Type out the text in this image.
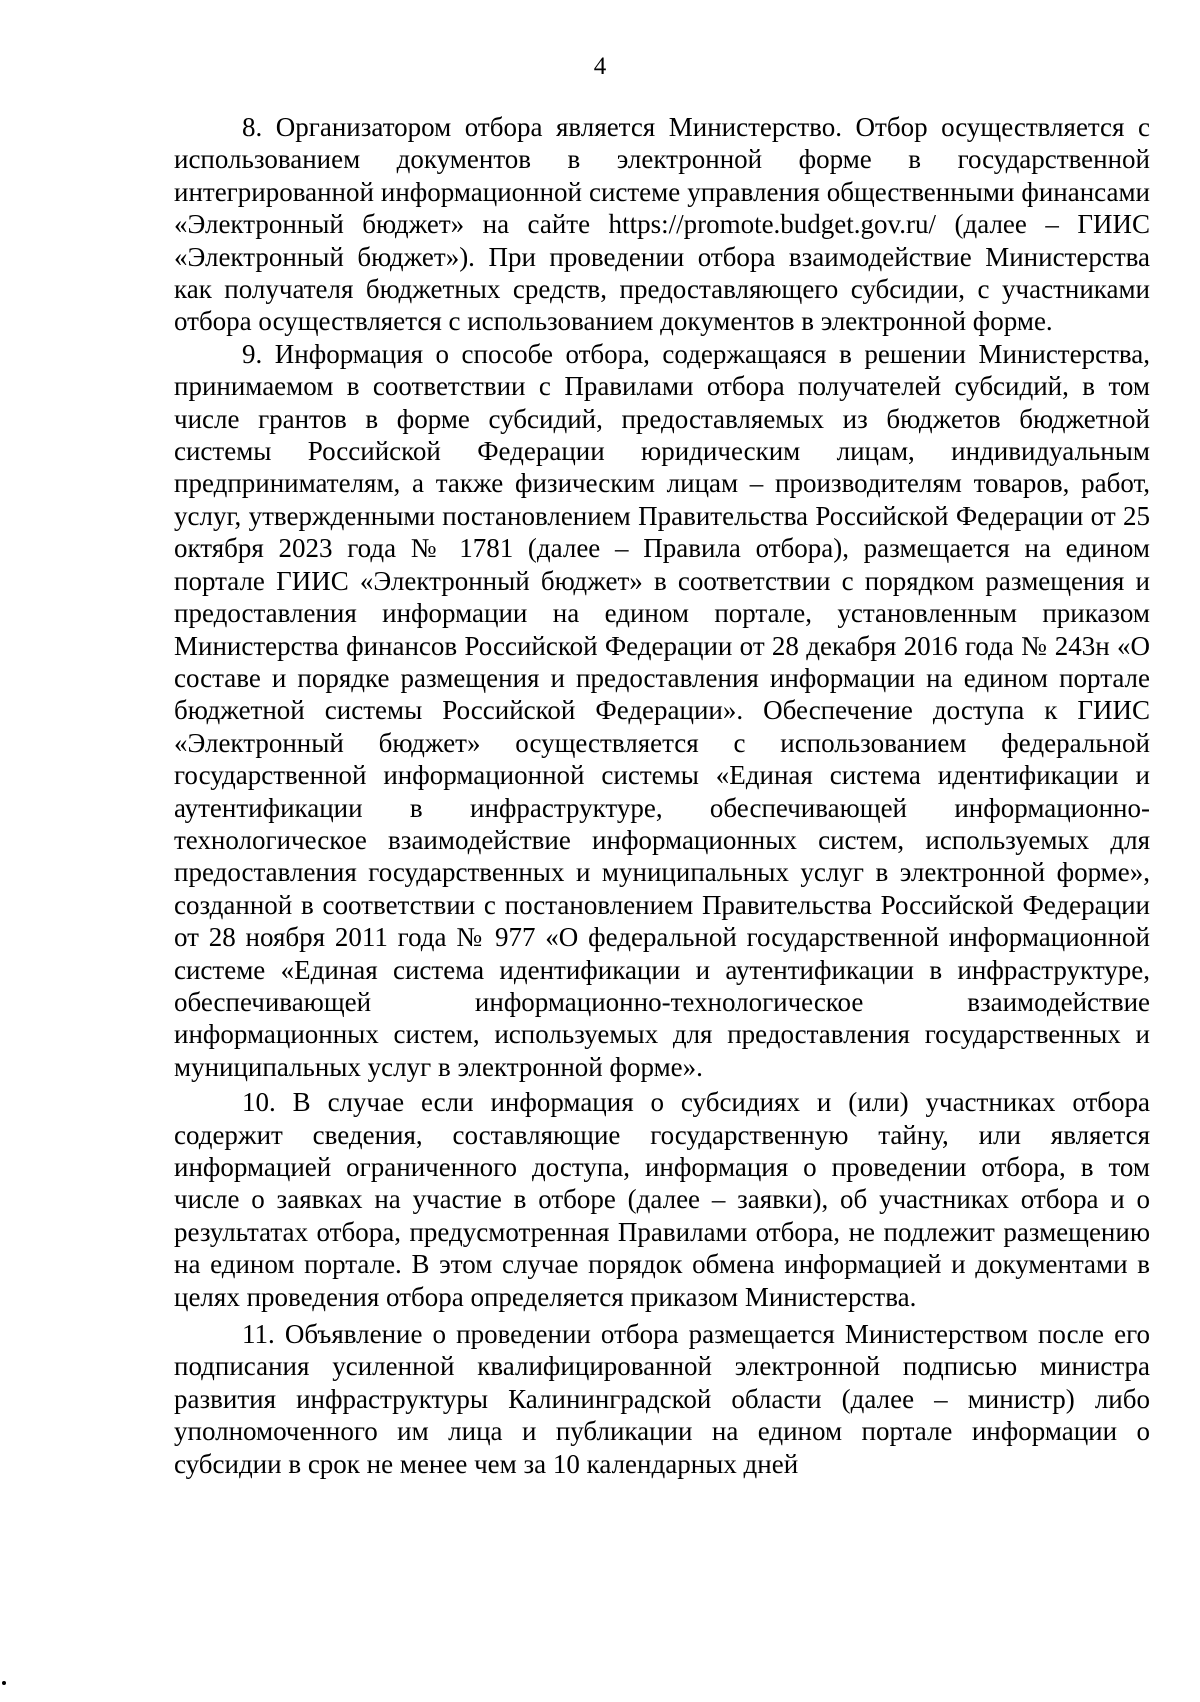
4

8. Организатором отбора является Министерство. Отбор осуществляется с использованием документов в электронной форме в государственной интегрированной информационной системе управления общественными финансами «Электронный бюджет» на сайте https://promote.budget.gov.ru/ (далее – ГИИС «Электронный бюджет»). При проведении отбора взаимодействие Министерства как получателя бюджетных средств, предоставляющего субсидии, с участниками отбора осуществляется с использованием документов в электронной форме.

9. Информация о способе отбора, содержащаяся в решении Министерства, принимаемом в соответствии с Правилами отбора получателей субсидий, в том числе грантов в форме субсидий, предоставляемых из бюджетов бюджетной системы Российской Федерации юридическим лицам, индивидуальным предпринимателям, а также физическим лицам – производителям товаров, работ, услуг, утвержденными постановлением Правительства Российской Федерации от 25 октября 2023 года № 1781 (далее – Правила отбора), размещается на едином портале ГИИС «Электронный бюджет» в соответствии с порядком размещения и предоставления информации на едином портале, установленным приказом Министерства финансов Российской Федерации от 28 декабря 2016 года № 243н «О составе и порядке размещения и предоставления информации на едином портале бюджетной системы Российской Федерации». Обеспечение доступа к ГИИС «Электронный бюджет» осуществляется с использованием федеральной государственной информационной системы «Единая система идентификации и аутентификации в инфраструктуре, обеспечивающей информационно-технологическое взаимодействие информационных систем, используемых для предоставления государственных и муниципальных услуг в электронной форме», созданной в соответствии с постановлением Правительства Российской Федерации от 28 ноября 2011 года № 977 «О федеральной государственной информационной системе «Единая система идентификации и аутентификации в инфраструктуре, обеспечивающей информационно-технологическое взаимодействие информационных систем, используемых для предоставления государственных и муниципальных услуг в электронной форме».

10. В случае если информация о субсидиях и (или) участниках отбора содержит сведения, составляющие государственную тайну, или является информацией ограниченного доступа, информация о проведении отбора, в том числе о заявках на участие в отборе (далее – заявки), об участниках отбора и о результатах отбора, предусмотренная Правилами отбора, не подлежит размещению на едином портале. В этом случае порядок обмена информацией и документами в целях проведения отбора определяется приказом Министерства.

11. Объявление о проведении отбора размещается Министерством после его подписания усиленной квалифицированной электронной подписью министра развития инфраструктуры Калининградской области (далее – министр) либо уполномоченного им лица и публикации на едином портале информации о субсидии в срок не менее чем за 10 календарных дней
